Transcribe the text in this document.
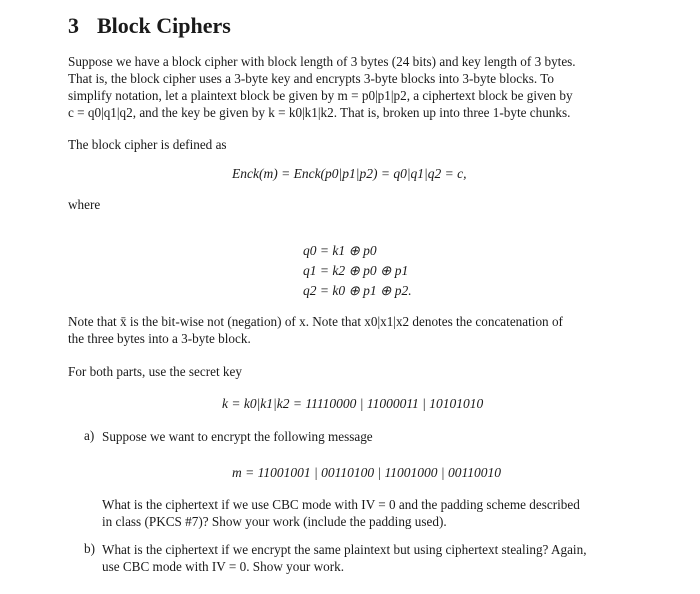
3 Block Ciphers
Suppose we have a block cipher with block length of 3 bytes (24 bits) and key length of 3 bytes.
That is, the block cipher uses a 3-byte key and encrypts 3-byte blocks into 3-byte blocks. To
simplify notation, let a plaintext block be given by m = p0|p1|p2, a ciphertext block be given by
c = q0|q1|q2, and the key be given by k = k0|k1|k2. That is, broken up into three 1-byte chunks.
The block cipher is defined as
Enck(m) = Enck(p0|p1|p2) = q0|q1|q2 = c,
where
q0 = k1 ⊕ p0
q1 = k2 ⊕ p0 ⊕ p1
q2 = k0 ⊕ p1 ⊕ p2.
Note that x̄ is the bit-wise not (negation) of x. Note that x0|x1|x2 denotes the concatenation of
the three bytes into a 3-byte block.
For both parts, use the secret key
k = k0|k1|k2 = 11110000 | 11000011 | 10101010
a) Suppose we want to encrypt the following message
m = 11001001 | 00110100 | 11001000 | 00110010
What is the ciphertext if we use CBC mode with IV = 0 and the padding scheme described
in class (PKCS #7)? Show your work (include the padding used).
b) What is the ciphertext if we encrypt the same plaintext but using ciphertext stealing? Again,
use CBC mode with IV = 0. Show your work.
